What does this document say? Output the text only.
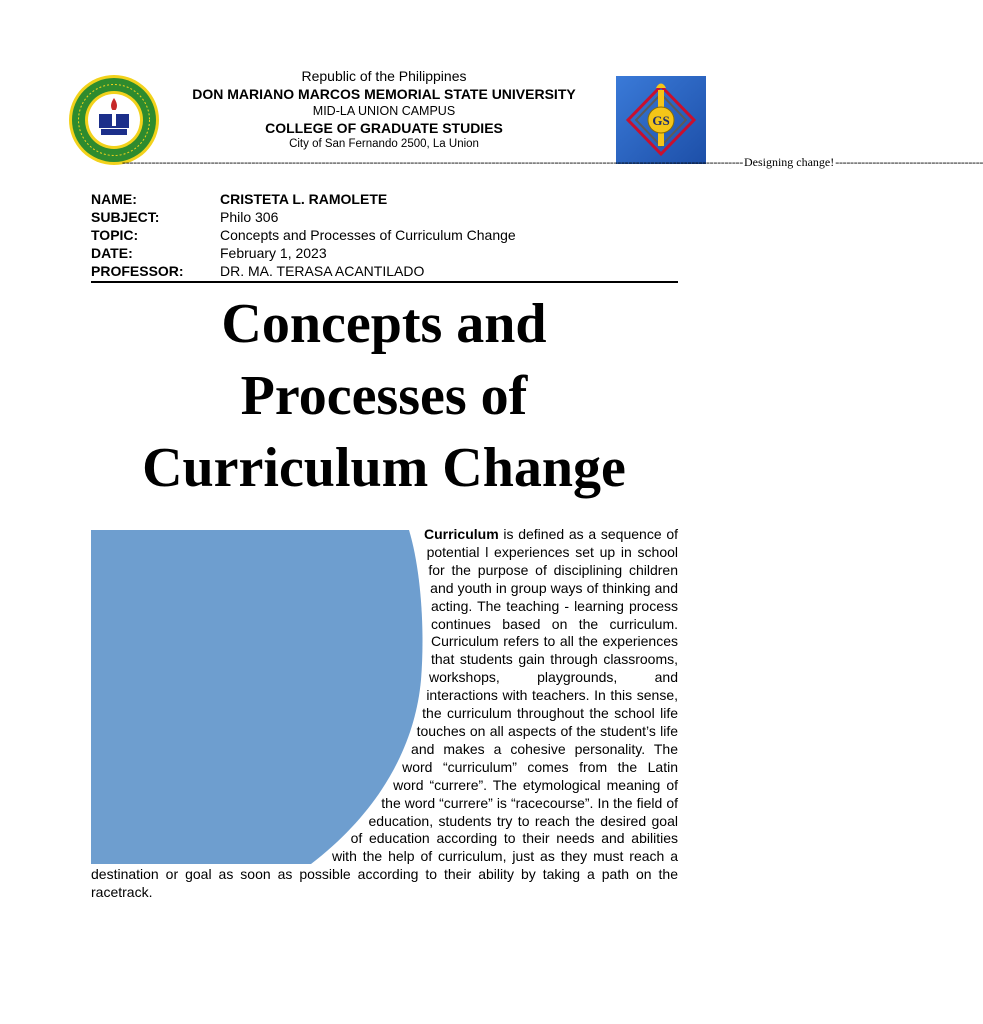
GS
Republic of the Philippines
DON MARIANO MARCOS MEMORIAL STATE UNIVERSITY
MID-LA UNION CAMPUS
COLLEGE OF GRADUATE STUDIES
City of San Fernando 2500, La Union
------------------------------------------------------------------------------------------------------------------------------------------------------------------------ Designing change! ----------------------------------------
NAME:	CRISTETA L. RAMOLETE
SUBJECT:	Philo 306
TOPIC:	Concepts and Processes of Curriculum Change
DATE:	February 1, 2023
PROFESSOR:	DR. MA. TERASA ACANTILADO
Concepts and
Processes of
Curriculum Change
Curriculum is defined as a sequence of potential l experiences set up in school for the purpose of disciplining children and youth in group ways of thinking and acting. The teaching - learning process continues based on the curriculum. Curriculum refers to all the experiences that students gain through classrooms, workshops, playgrounds, and interactions with teachers. In this sense, the curriculum throughout the school life touches on all aspects of the student’s life and makes a cohesive personality. The word “curriculum” comes from the Latin word “currere”. The etymological meaning of the word “currere” is “racecourse”. In the field of education, students try to reach the desired goal of education according to their needs and abilities with the help of curriculum, just as they must reach a destination or goal as soon as possible according to their ability by taking a path on the racetrack.
